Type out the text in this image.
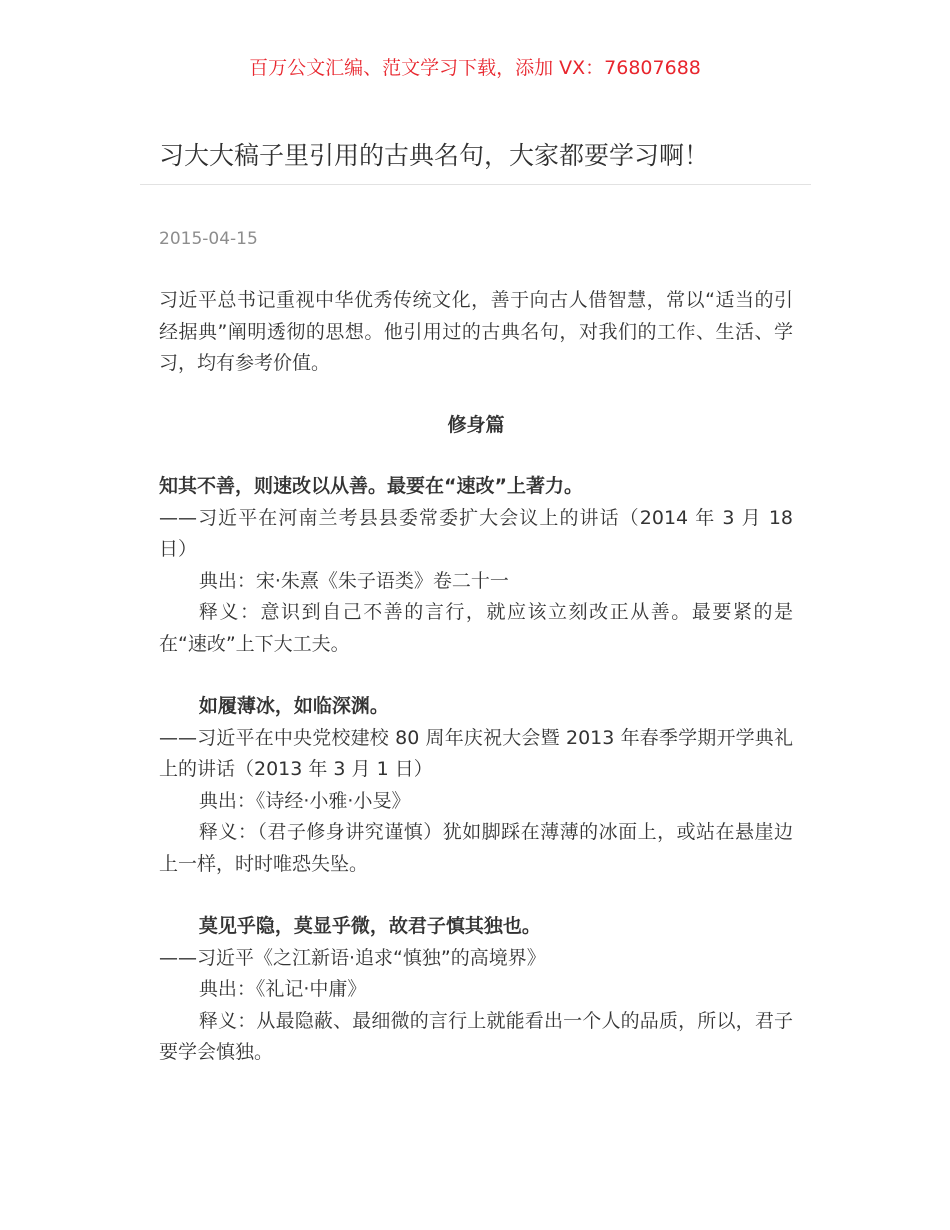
百万公文汇编、范文学习下载，添加 VX：76807688
习大大稿子里引用的古典名句，大家都要学习啊！
2015-04-15

习近平总书记重视中华优秀传统文化，善于向古人借智慧，常以“适当的引经据典”阐明透彻的思想。他引用过的古典名句，对我们的工作、生活、学习，均有参考价值。

修身篇

知其不善，则速改以从善。最要在“速改”上著力。

——习近平在河南兰考县县委常委扩大会议上的讲话（2014 年 3 月 18 日）

典出：宋·朱熹《朱子语类》卷二十一

释义：意识到自己不善的言行，就应该立刻改正从善。最要紧的是在“速改”上下大工夫。

如履薄冰，如临深渊。

——习近平在中央党校建校 80 周年庆祝大会暨 2013 年春季学期开学典礼上的讲话（2013 年 3 月 1 日）

典出：《诗经·小雅·小旻》

释义：（君子修身讲究谨慎）犹如脚踩在薄薄的冰面上，或站在悬崖边上一样，时时唯恐失坠。

莫见乎隐，莫显乎微，故君子慎其独也。

——习近平《之江新语·追求“慎独”的高境界》

典出：《礼记·中庸》

释义：从最隐蔽、最细微的言行上就能看出一个人的品质，所以，君子要学会慎独。
